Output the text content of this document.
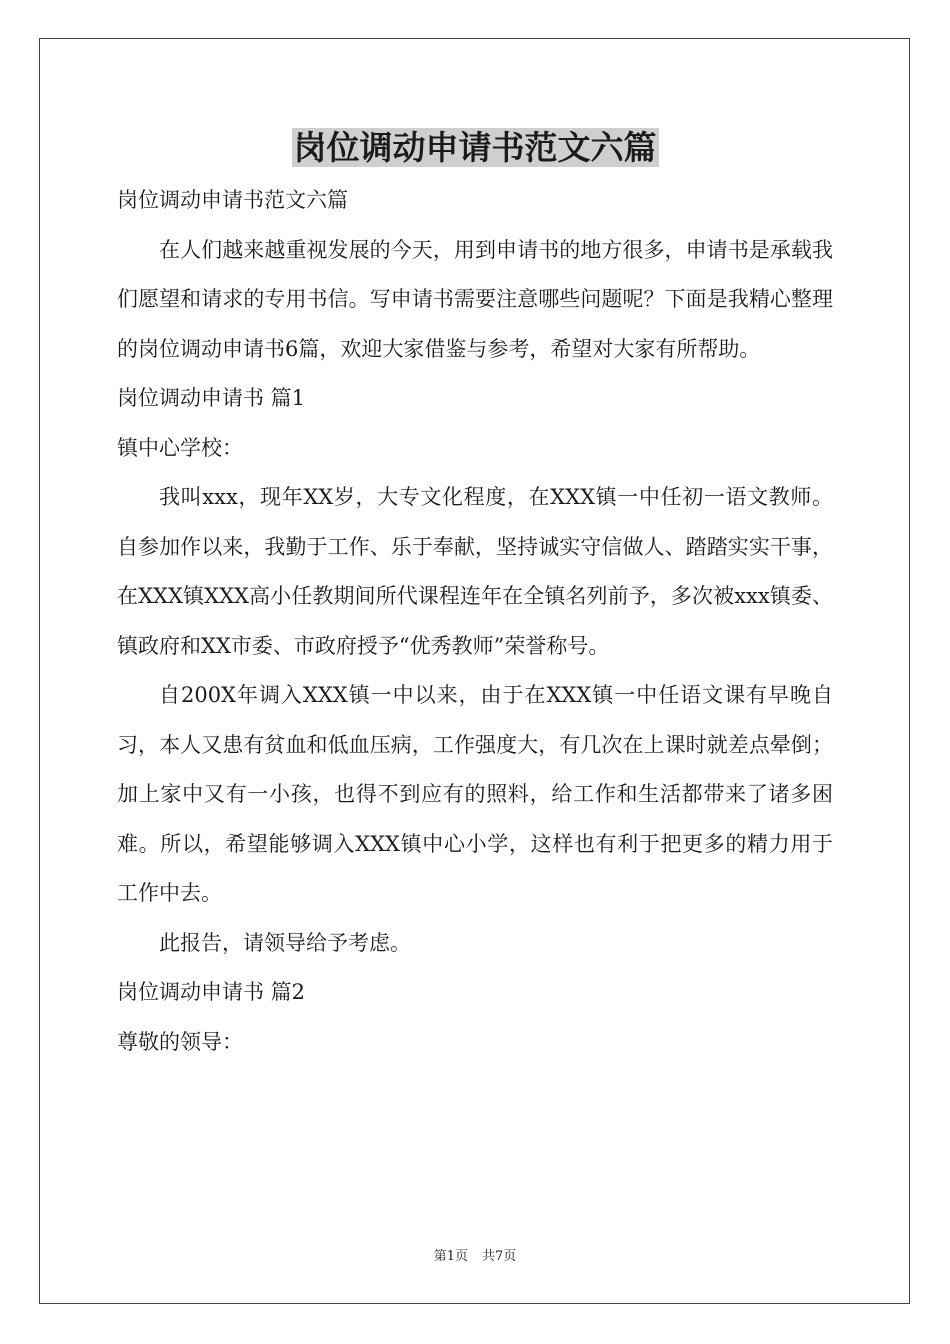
岗位调动申请书范文六篇

岗位调动申请书范文六篇

在人们越来越重视发展的今天，用到申请书的地方很多，申请书是承载我们愿望和请求的专用书信。写申请书需要注意哪些问题呢？下面是我精心整理的岗位调动申请书6篇，欢迎大家借鉴与参考，希望对大家有所帮助。

岗位调动申请书 篇1

镇中心学校：

我叫xxx，现年XX岁，大专文化程度，在XXX镇一中任初一语文教师。自参加作以来，我勤于工作、乐于奉献，坚持诚实守信做人、踏踏实实干事，在XXX镇XXX高小任教期间所代课程连年在全镇名列前予，多次被xxx镇委、镇政府和XX市委、市政府授予“优秀教师”荣誉称号。

自200X年调入XXX镇一中以来，由于在XXX镇一中任语文课有早晚自习，本人又患有贫血和低血压病，工作强度大，有几次在上课时就差点晕倒；加上家中又有一小孩，也得不到应有的照料，给工作和生活都带来了诸多困难。所以，希望能够调入XXX镇中心小学，这样也有利于把更多的精力用于工作中去。

此报告，请领导给予考虑。

岗位调动申请书 篇2

尊敬的领导：

第1页 共7页
